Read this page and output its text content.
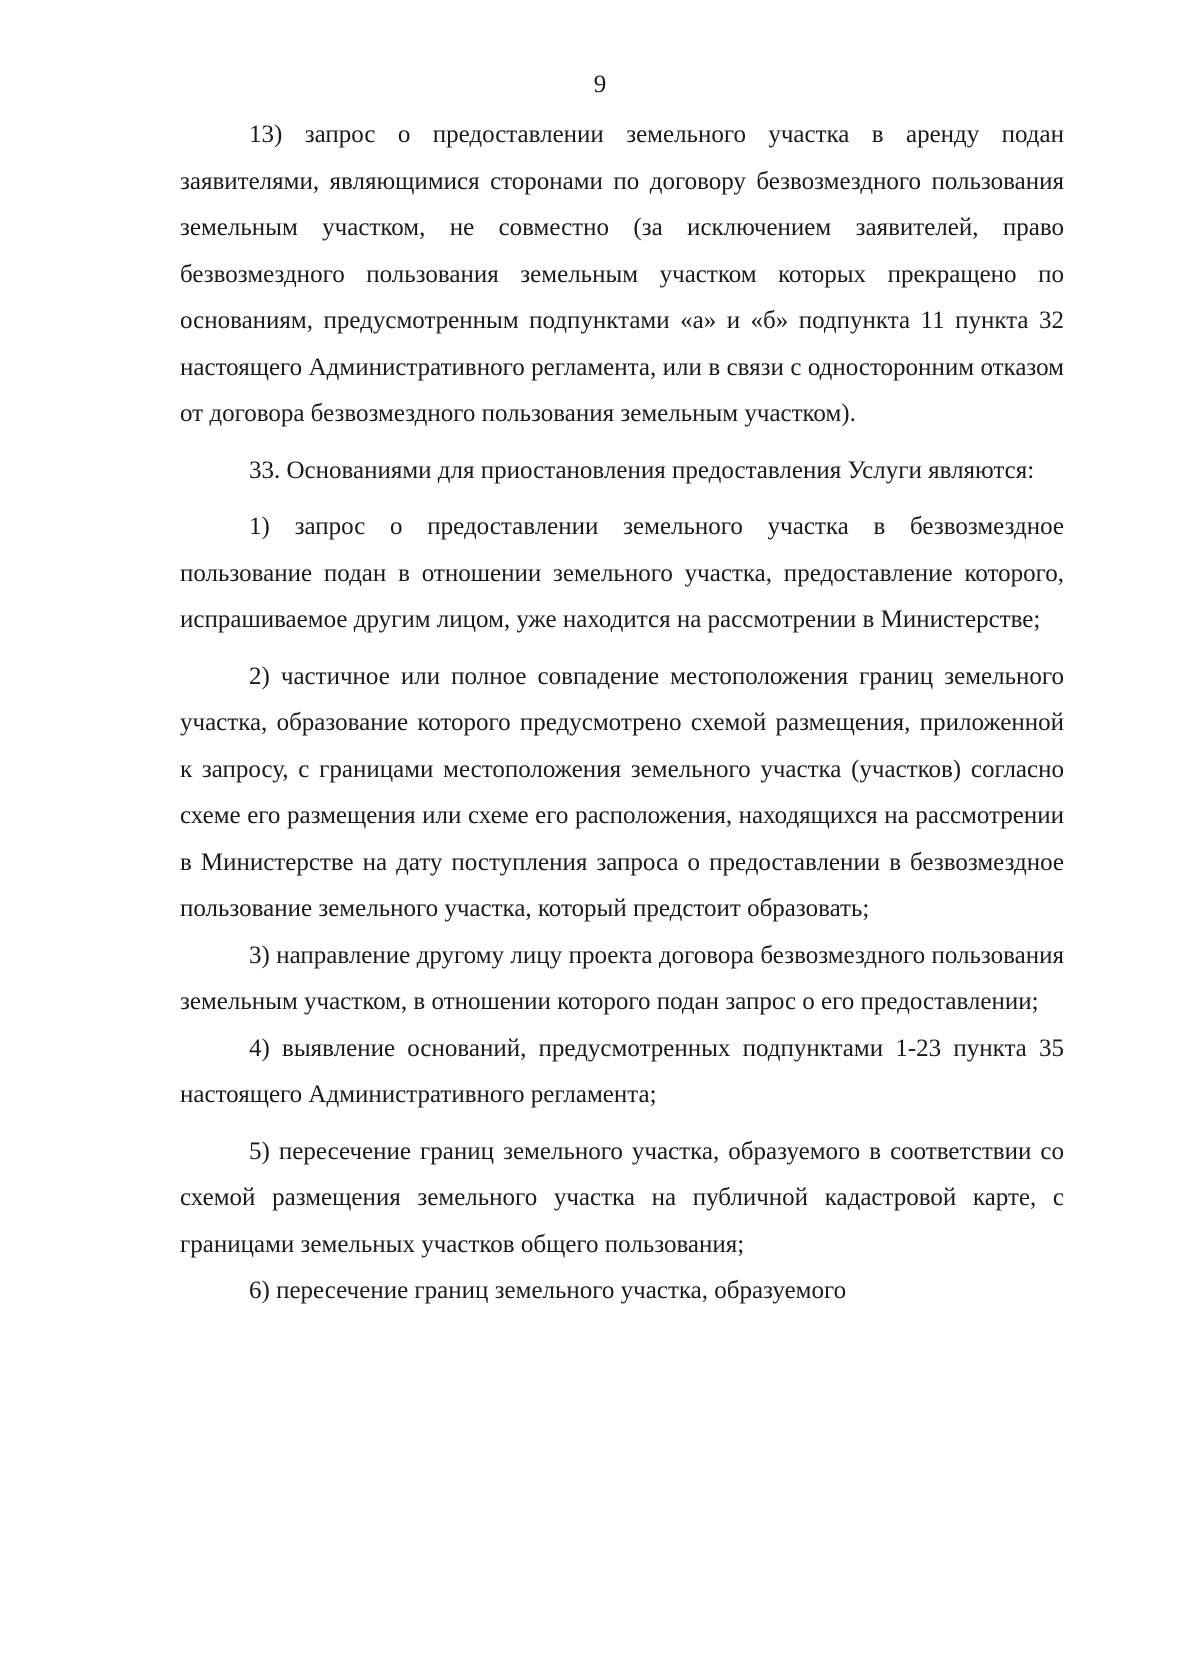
9

13) запрос о предоставлении земельного участка в аренду подан заявителями, являющимися сторонами по договору безвозмездного пользования земельным участком, не совместно (за исключением заявителей, право безвозмездного пользования земельным участком которых прекращено по основаниям, предусмотренным подпунктами «а» и «б» подпункта 11 пункта 32 настоящего Административного регламента, или в связи с односторонним отказом от договора безвозмездного пользования земельным участком).

33. Основаниями для приостановления предоставления Услуги являются:

1) запрос о предоставлении земельного участка в безвозмездное пользование подан в отношении земельного участка, предоставление которого, испрашиваемое другим лицом, уже находится на рассмотрении в Министерстве;

2) частичное или полное совпадение местоположения границ земельного участка, образование которого предусмотрено схемой размещения, приложенной к запросу, с границами местоположения земельного участка (участков) согласно схеме его размещения или схеме его расположения, находящихся на рассмотрении в Министерстве на дату поступления запроса о предоставлении в безвозмездное пользование земельного участка, который предстоит образовать;

3) направление другому лицу проекта договора безвозмездного пользования земельным участком, в отношении которого подан запрос о его предоставлении;

4) выявление оснований, предусмотренных подпунктами 1-23 пункта 35 настоящего Административного регламента;

5) пересечение границ земельного участка, образуемого в соответствии со схемой размещения земельного участка на публичной кадастровой карте, с границами земельных участков общего пользования;

6) пересечение границ земельного участка, образуемого
